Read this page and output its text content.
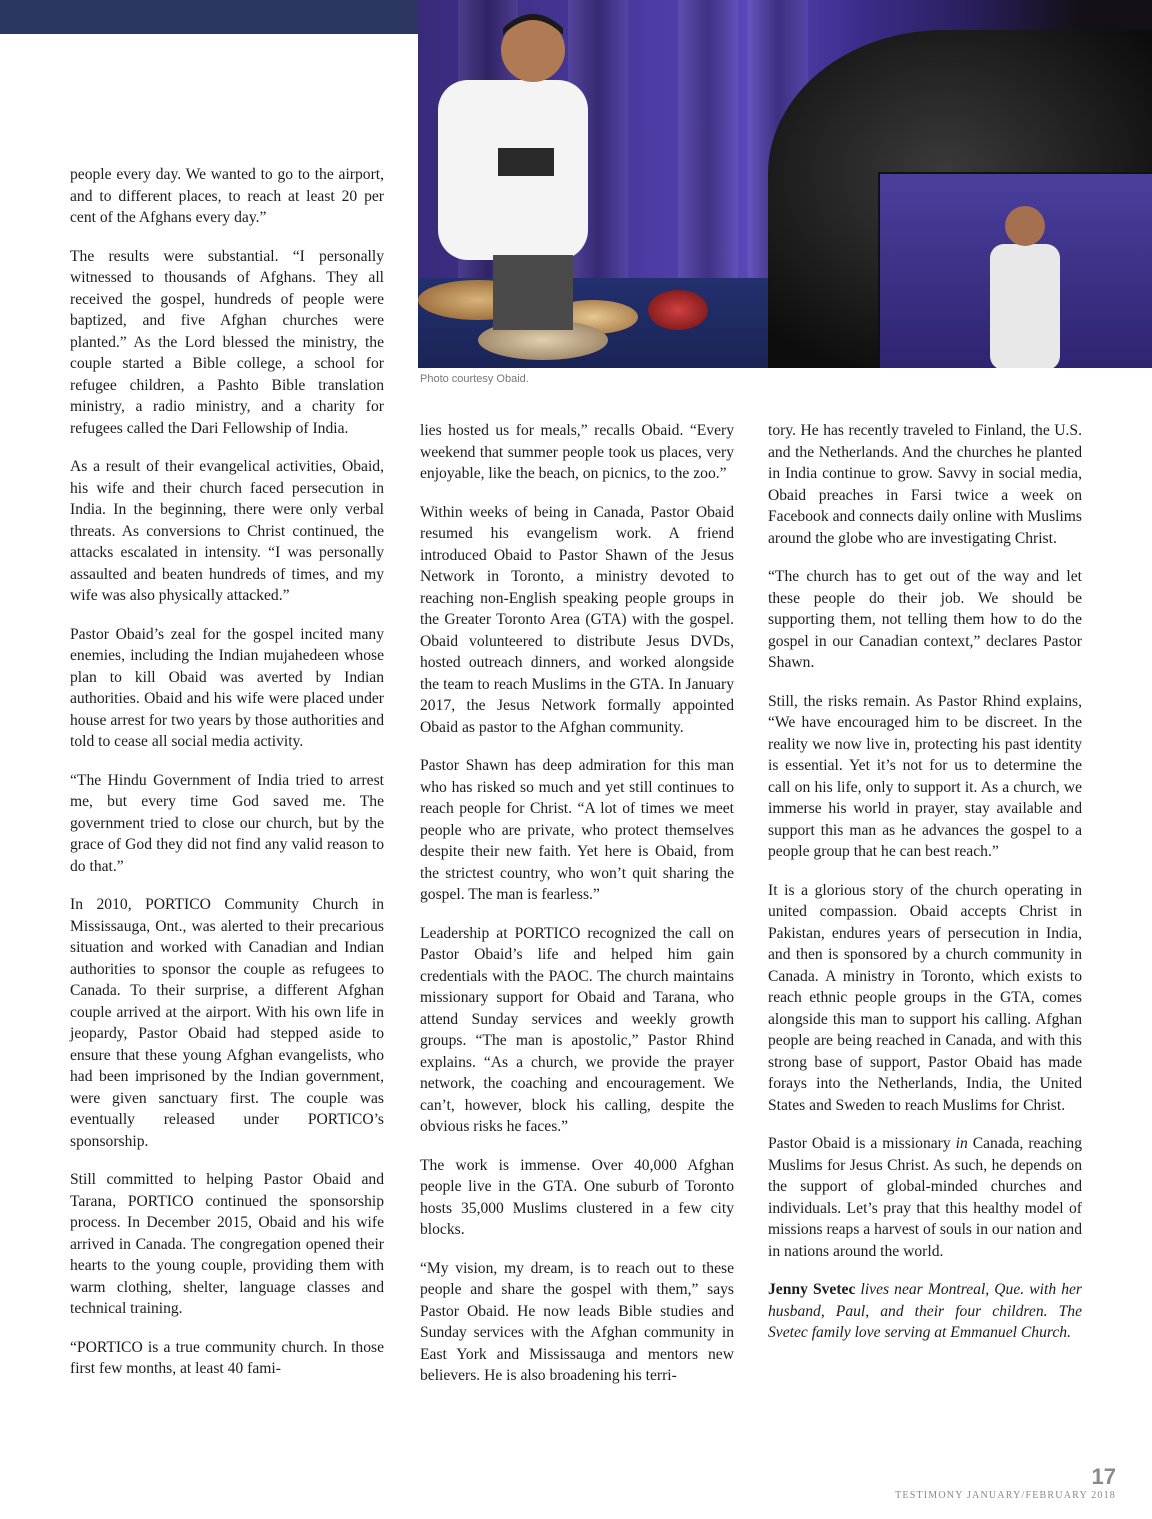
Photo courtesy Obaid.

people every day. We wanted to go to the airport, and to different places, to reach at least 20 per cent of the Afghans every day.”

The results were substantial. “I personally witnessed to thousands of Afghans. They all received the gospel, hundreds of people were baptized, and five Afghan churches were planted.” As the Lord blessed the ministry, the couple started a Bible college, a school for refugee children, a Pashto Bible translation ministry, a radio ministry, and a charity for refugees called the Dari Fellowship of India.

As a result of their evangelical activities, Obaid, his wife and their church faced persecution in India. In the beginning, there were only verbal threats. As conversions to Christ continued, the attacks escalated in intensity. “I was personally assaulted and beaten hundreds of times, and my wife was also physically attacked.”

Pastor Obaid’s zeal for the gospel incited many enemies, including the Indian mujahedeen whose plan to kill Obaid was averted by Indian authorities. Obaid and his wife were placed under house arrest for two years by those authorities and told to cease all social media activity.

“The Hindu Government of India tried to arrest me, but every time God saved me. The government tried to close our church, but by the grace of God they did not find any valid reason to do that.”

In 2010, PORTICO Community Church in Mississauga, Ont., was alerted to their precarious situation and worked with Canadian and Indian authorities to sponsor the couple as refugees to Canada. To their surprise, a different Afghan couple arrived at the airport. With his own life in jeopardy, Pastor Obaid had stepped aside to ensure that these young Afghan evangelists, who had been imprisoned by the Indian government, were given sanctuary first. The couple was eventually released under PORTICO’s sponsorship.

Still committed to helping Pastor Obaid and Tarana, PORTICO continued the sponsorship process. In December 2015, Obaid and his wife arrived in Canada. The congregation opened their hearts to the young couple, providing them with warm clothing, shelter, language classes and technical training.

“PORTICO is a true community church. In those first few months, at least 40 fami-

lies hosted us for meals,” recalls Obaid. “Every weekend that summer people took us places, very enjoyable, like the beach, on picnics, to the zoo.”

Within weeks of being in Canada, Pastor Obaid resumed his evangelism work. A friend introduced Obaid to Pastor Shawn of the Jesus Network in Toronto, a ministry devoted to reaching non-English speaking people groups in the Greater Toronto Area (GTA) with the gospel. Obaid volunteered to distribute Jesus DVDs, hosted outreach dinners, and worked alongside the team to reach Muslims in the GTA. In January 2017, the Jesus Network formally appointed Obaid as pastor to the Afghan community.

Pastor Shawn has deep admiration for this man who has risked so much and yet still continues to reach people for Christ. “A lot of times we meet people who are private, who protect themselves despite their new faith. Yet here is Obaid, from the strictest country, who won’t quit sharing the gospel. The man is fearless.”

Leadership at PORTICO recognized the call on Pastor Obaid’s life and helped him gain credentials with the PAOC. The church maintains missionary support for Obaid and Tarana, who attend Sunday services and weekly growth groups. “The man is apostolic,” Pastor Rhind explains. “As a church, we provide the prayer network, the coaching and encouragement. We can’t, however, block his calling, despite the obvious risks he faces.”

The work is immense. Over 40,000 Afghan people live in the GTA. One suburb of Toronto hosts 35,000 Muslims clustered in a few city blocks.

“My vision, my dream, is to reach out to these people and share the gospel with them,” says Pastor Obaid. He now leads Bible studies and Sunday services with the Afghan community in East York and Mississauga and mentors new believers. He is also broadening his terri-

tory. He has recently traveled to Finland, the U.S. and the Netherlands. And the churches he planted in India continue to grow. Savvy in social media, Obaid preaches in Farsi twice a week on Facebook and connects daily online with Muslims around the globe who are investigating Christ.

“The church has to get out of the way and let these people do their job. We should be supporting them, not telling them how to do the gospel in our Canadian context,” declares Pastor Shawn.

Still, the risks remain. As Pastor Rhind explains, “We have encouraged him to be discreet. In the reality we now live in, protecting his past identity is essential. Yet it’s not for us to determine the call on his life, only to support it. As a church, we immerse his world in prayer, stay available and support this man as he advances the gospel to a people group that he can best reach.”

It is a glorious story of the church operating in united compassion. Obaid accepts Christ in Pakistan, endures years of persecution in India, and then is sponsored by a church community in Canada. A ministry in Toronto, which exists to reach ethnic people groups in the GTA, comes alongside this man to support his calling. Afghan people are being reached in Canada, and with this strong base of support, Pastor Obaid has made forays into the Netherlands, India, the United States and Sweden to reach Muslims for Christ.

Pastor Obaid is a missionary in Canada, reaching Muslims for Jesus Christ. As such, he depends on the support of global-minded churches and individuals. Let’s pray that this healthy model of missions reaps a harvest of souls in our nation and in nations around the world.

Jenny Svetec lives near Montreal, Que. with her husband, Paul, and their four children. The Svetec family love serving at Emmanuel Church.

17
TESTIMONY JANUARY/FEBRUARY 2018
